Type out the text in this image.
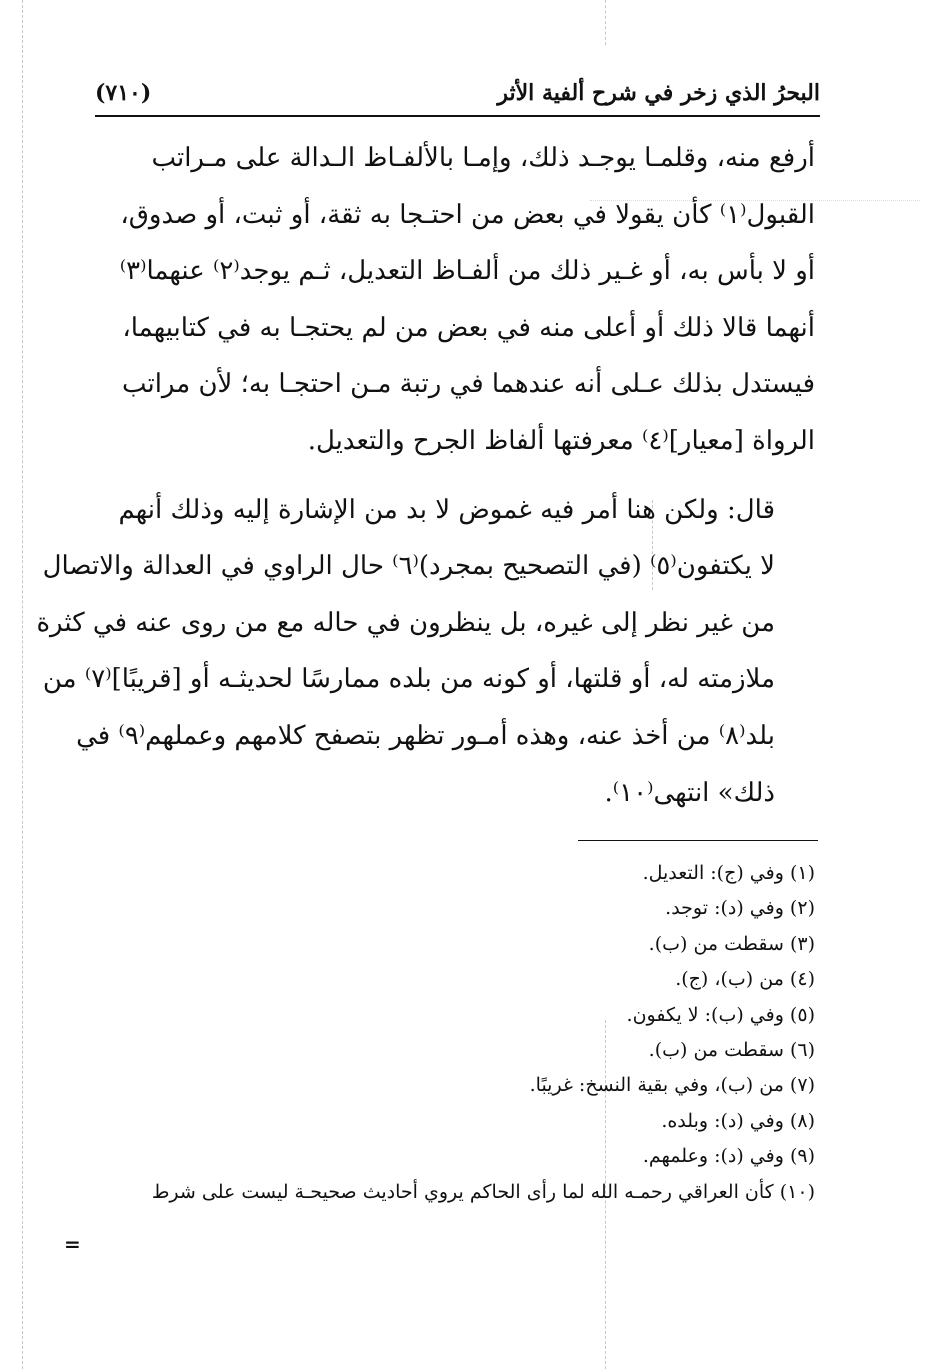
البحرُ الذي زخر في شرح ألفية الأثر
(٧١٠)

أرفع منه، وقلمـا يوجـد ذلك، وإمـا بالألفـاظ الـدالة على مـراتب
القبول⁽١⁾ كأن يقولا في بعض من احتـجا به ثقة، أو ثبت، أو صدوق،
أو لا بأس به، أو غـير ذلك من ألفـاظ التعديل، ثـم يوجد⁽٢⁾ عنهما⁽٣⁾
أنهما قالا ذلك أو أعلى منه في بعض من لم يحتجـا به في كتابيهما،
فيستدل بذلك عـلى أنه عندهما في رتبة مـن احتجـا به؛ لأن مراتب
الرواة [معيار]⁽٤⁾ معرفتها ألفاظ الجرح والتعديل.

قال: ولكن هنا أمر فيه غموض لا بد من الإشارة إليه وذلك أنهم
لا يكتفون⁽٥⁾ (في التصحيح بمجرد)⁽٦⁾ حال الراوي في العدالة والاتصال
من غير نظر إلى غيره، بل ينظرون في حاله مع من روى عنه في كثرة
ملازمته له، أو قلتها، أو كونه من بلده ممارسًا لحديثـه أو [قريبًا]⁽٧⁾ من
بلد⁽٨⁾ من أخذ عنه، وهذه أمـور تظهر بتصفح كلامهم وعملهم⁽٩⁾ في
ذلك» انتهى⁽١٠⁾.

(١) وفي (ج): التعديل.
(٢) وفي (د): توجد.
(٣) سقطت من (ب).
(٤) من (ب)، (ج).
(٥) وفي (ب): لا يكفون.
(٦) سقطت من (ب).
(٧) من (ب)، وفي بقية النسخ: غريبًا.
(٨) وفي (د): وبلده.
(٩) وفي (د): وعلمهم.
(١٠) كأن العراقي رحمـه الله لما رأى الحاكم يروي أحاديث صحيحـة ليست على شرط
=
